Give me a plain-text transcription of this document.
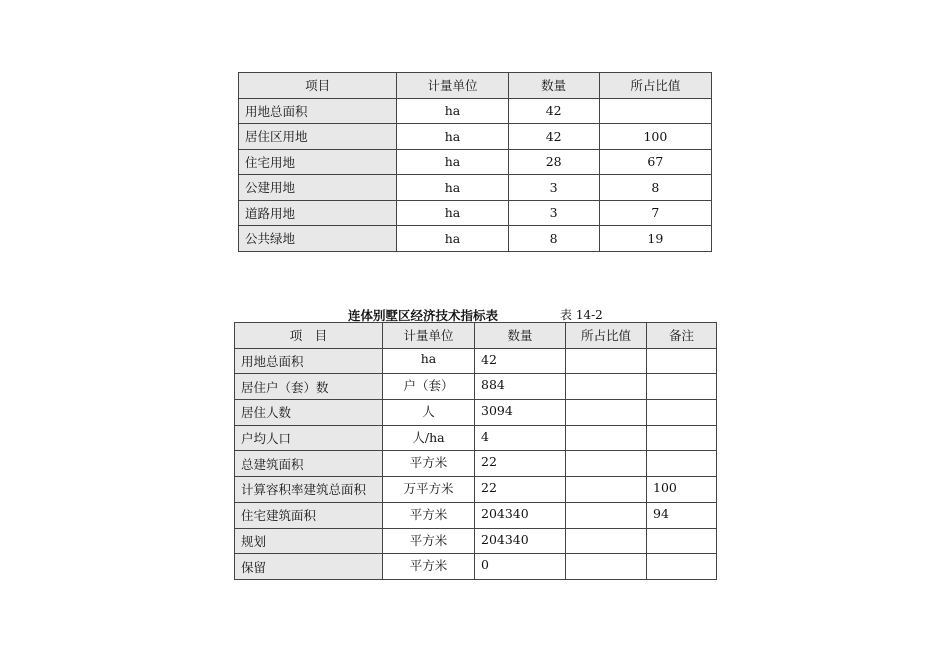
项目	计量单位	数量	所占比值
用地总面积	ha	42	
居住区用地	ha	42	100
住宅用地	ha	28	67
公建用地	ha	3	8
道路用地	ha	3	7
公共绿地	ha	8	19
连体别墅区经济技术指标表	表 14-2
项　目	计量单位	数量	所占比值	备注
用地总面积	ha	42		
居住户（套）数	户（套）	884		
居住人数	人	3094		
户均人口	人/ha	4		
总建筑面积	平方米	22		
计算容积率建筑总面积	万平方米	22		100
住宅建筑面积	平方米	204340		94
规划	平方米	204340		
保留	平方米	0		
